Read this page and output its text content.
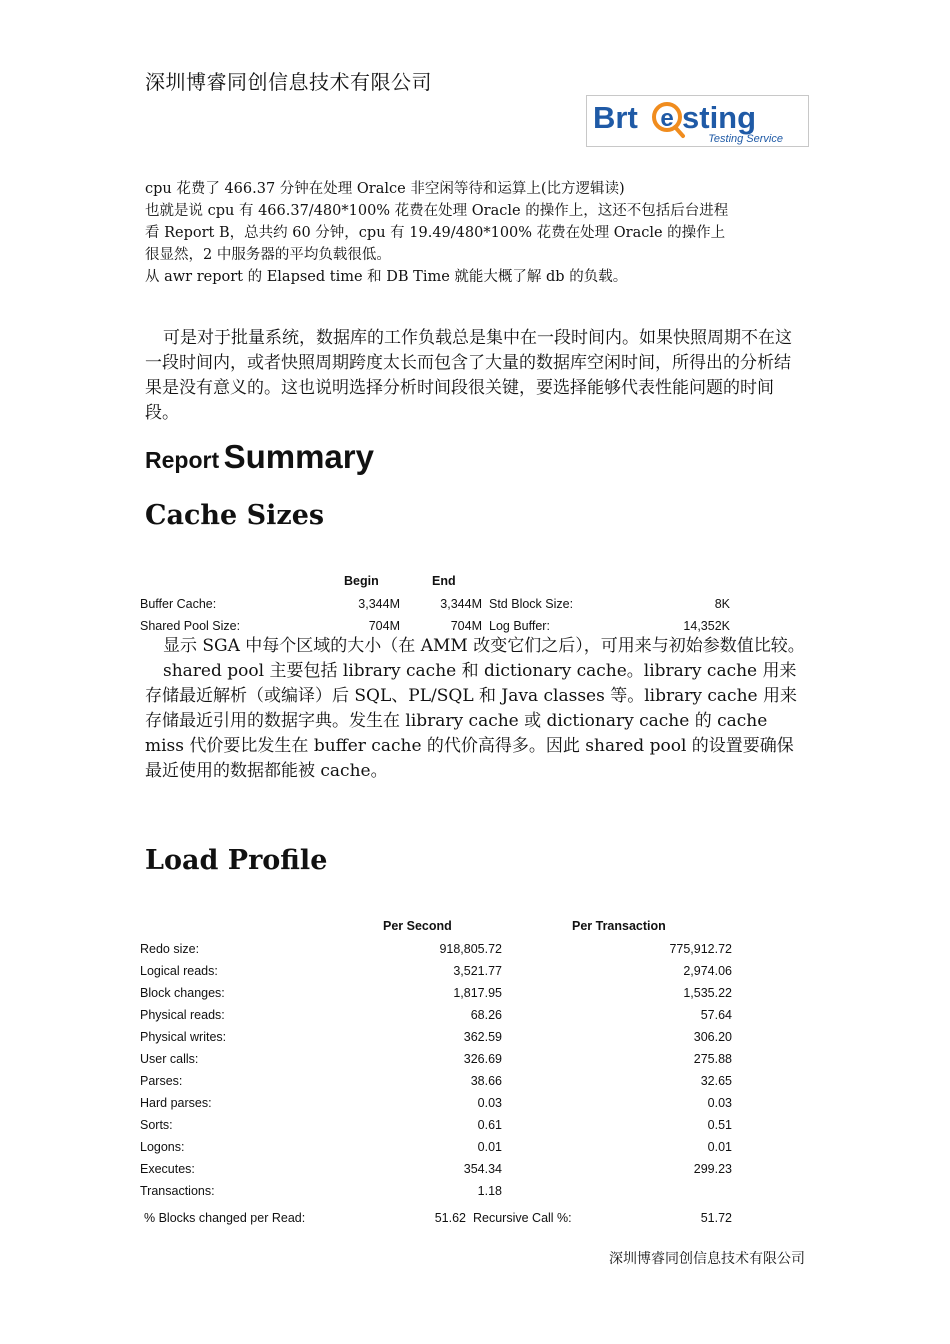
深圳博睿同创信息技术有限公司
Brt e sting
Testing Service
cpu 花费了 466.37 分钟在处理 Oralce 非空闲等待和运算上(比方逻辑读)
也就是说 cpu 有 466.37/480*100% 花费在处理 Oracle 的操作上，这还不包括后台进程
看 Report B，总共约 60 分钟，cpu 有 19.49/480*100% 花费在处理 Oracle 的操作上
很显然，2 中服务器的平均负载很低。
从 awr report 的 Elapsed time 和 DB Time 就能大概了解 db 的负载。

可是对于批量系统，数据库的工作负载总是集中在一段时间内。如果快照周期不在这一段时间内，或者快照周期跨度太长而包含了大量的数据库空闲时间，所得出的分析结果是没有意义的。这也说明选择分析时间段很关键，要选择能够代表性能问题的时间段。

Report Summary
Cache Sizes
Begin	End
Buffer Cache:	3,344M	3,344M Std Block Size:	8K
Shared Pool Size:	704M	704M Log Buffer:	14,352K

显示 SGA 中每个区域的大小（在 AMM 改变它们之后），可用来与初始参数值比较。

shared pool 主要包括 library cache 和 dictionary cache。library cache 用来存储最近解析（或编译）后 SQL、PL/SQL 和 Java classes 等。library cache 用来存储最近引用的数据字典。发生在 library cache 或 dictionary cache 的 cache miss 代价要比发生在 buffer cache 的代价高得多。因此 shared pool 的设置要确保最近使用的数据都能被 cache。

Load Profile
Per Second	Per Transaction
Redo size:	918,805.72	775,912.72
Logical reads:	3,521.77	2,974.06
Block changes:	1,817.95	1,535.22
Physical reads:	68.26	57.64
Physical writes:	362.59	306.20
User calls:	326.69	275.88
Parses:	38.66	32.65
Hard parses:	0.03	0.03
Sorts:	0.61	0.51
Logons:	0.01	0.01
Executes:	354.34	299.23
Transactions:	1.18
% Blocks changed per Read:	51.62 Recursive Call %:	51.72
深圳博睿同创信息技术有限公司
